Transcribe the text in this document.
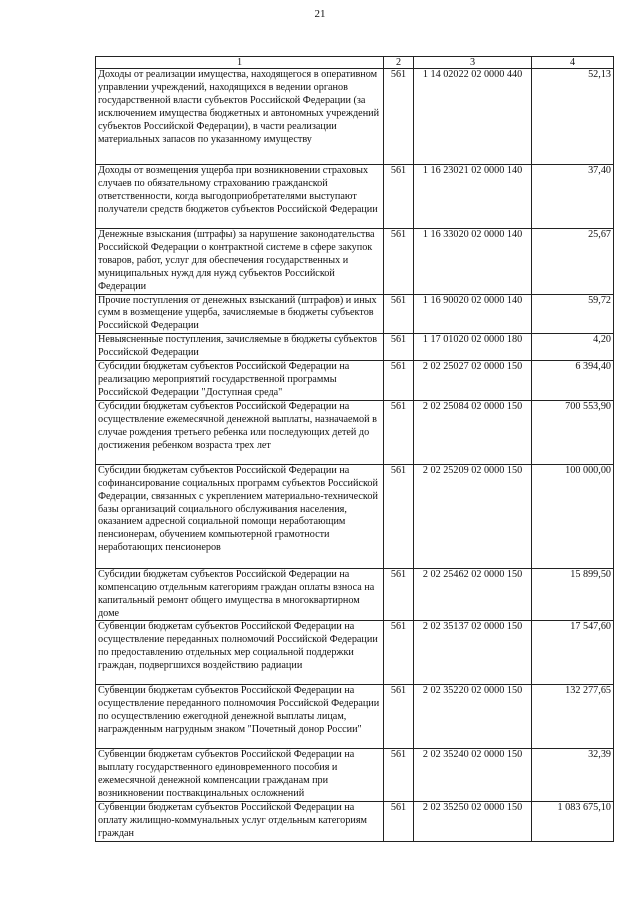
21
1	2	3	4
Доходы от реализации имущества, находящегося в оперативном управлении учреждений, находящихся в ведении органов государственной власти субъектов Российской Федерации (за исключением имущества бюджетных и автономных учреждений субъектов Российской Федерации), в части реализации материальных запасов по указанному имуществу	561	1 14 02022 02 0000 440	52,13
Доходы от возмещения ущерба при возникновении страховых случаев по обязательному страхованию гражданской ответственности, когда выгодоприобретателями выступают получатели средств бюджетов субъектов Российской Федерации	561	1 16 23021 02 0000 140	37,40
Денежные взыскания (штрафы) за нарушение законодательства Российской Федерации о контрактной системе в сфере закупок товаров, работ, услуг для обеспечения государственных и муниципальных нужд для нужд субъектов Российской Федерации	561	1 16 33020 02 0000 140	25,67
Прочие поступления от денежных взысканий (штрафов) и иных сумм в возмещение ущерба, зачисляемые в бюджеты субъектов Российской Федерации	561	1 16 90020 02 0000 140	59,72
Невыясненные поступления, зачисляемые в бюджеты субъектов Российской Федерации	561	1 17 01020 02 0000 180	4,20
Субсидии бюджетам субъектов Российской Федерации на реализацию мероприятий государственной программы Российской Федерации "Доступная среда"	561	2 02 25027 02 0000 150	6 394,40
Субсидии бюджетам субъектов Российской Федерации на осуществление ежемесячной денежной выплаты, назначаемой в случае рождения третьего ребенка или последующих детей до достижения ребенком возраста трех лет	561	2 02 25084 02 0000 150	700 553,90
Субсидии бюджетам субъектов Российской Федерации на софинансирование социальных программ субъектов Российской Федерации, связанных с укреплением материально-технической базы организаций социального обслуживания населения, оказанием адресной социальной помощи неработающим пенсионерам, обучением компьютерной грамотности неработающих пенсионеров	561	2 02 25209 02 0000 150	100 000,00
Субсидии бюджетам субъектов Российской Федерации на компенсацию отдельным категориям граждан оплаты взноса на капитальный ремонт общего имущества в многоквартирном доме	561	2 02 25462 02 0000 150	15 899,50
Субвенции бюджетам субъектов Российской Федерации на осуществление переданных полномочий Российской Федерации по предоставлению отдельных мер социальной поддержки граждан, подвергшихся воздействию радиации	561	2 02 35137 02 0000 150	17 547,60
Субвенции бюджетам субъектов Российской Федерации на осуществление переданного полномочия Российской Федерации по осуществлению ежегодной денежной выплаты лицам, награжденным нагрудным знаком "Почетный донор России"	561	2 02 35220 02 0000 150	132 277,65
Субвенции бюджетам субъектов Российской Федерации на выплату государственного единовременного пособия и ежемесячной денежной компенсации гражданам при возникновении поствакцинальных осложнений	561	2 02 35240 02 0000 150	32,39
Субвенции бюджетам субъектов Российской Федерации на оплату жилищно-коммунальных услуг отдельным категориям граждан	561	2 02 35250 02 0000 150	1 083 675,10
